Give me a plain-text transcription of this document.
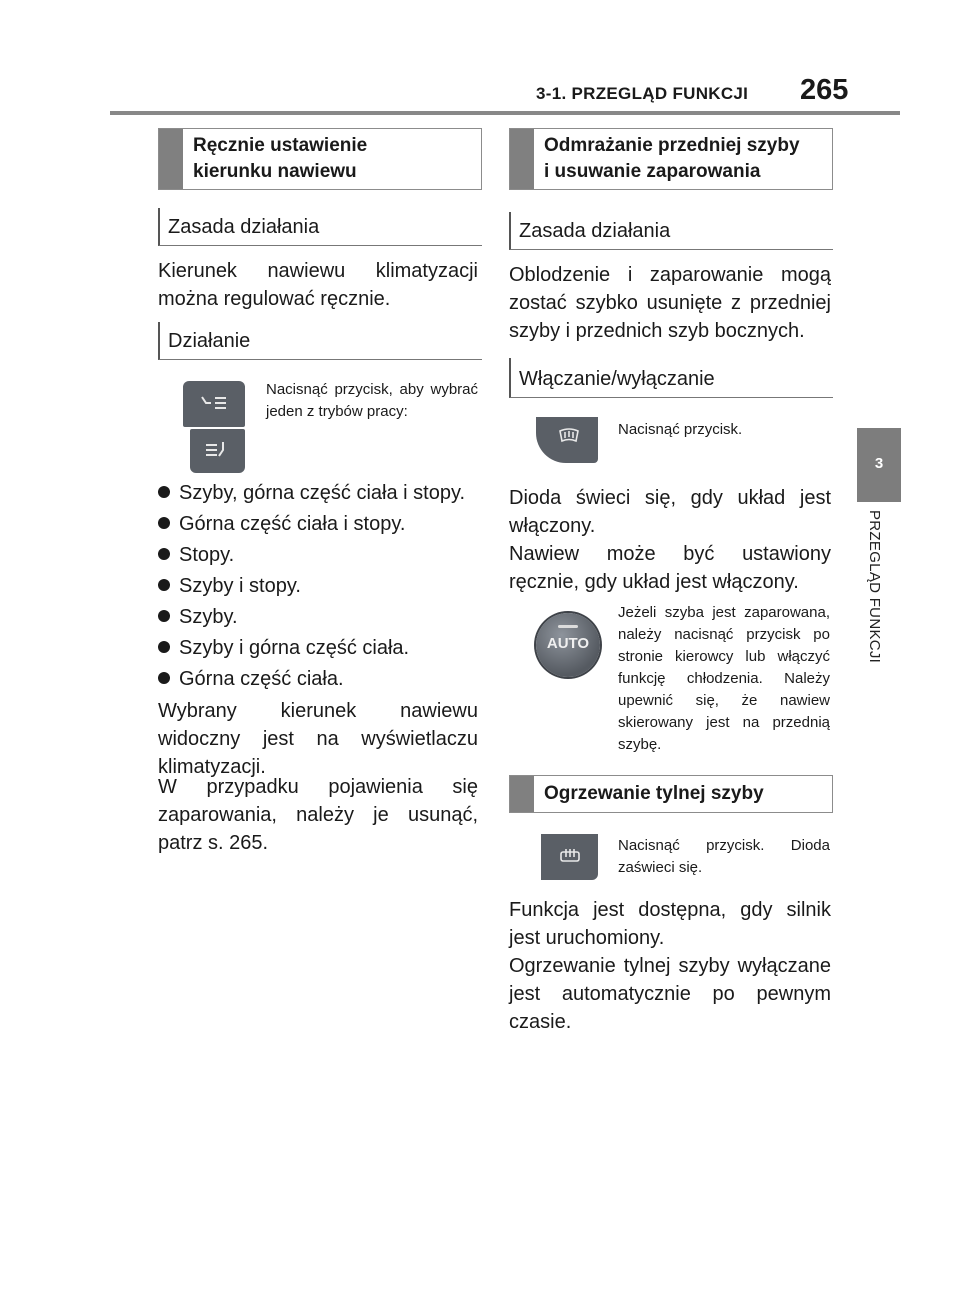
3-1. PRZEGLĄD FUNKCJI 265
3
PRZEGLĄD FUNKCJI
Ręcznie ustawienie
kierunku nawiewu
Zasada działania
Kierunek nawiewu klimatyzacji można regulować ręcznie.
Działanie
Nacisnąć przycisk, aby wybrać jeden z trybów pracy:
Szyby, górna część ciała i stopy.
Górna część ciała i stopy.
Stopy.
Szyby i stopy.
Szyby.
Szyby i górna część ciała.
Górna część ciała.
Wybrany kierunek nawiewu widoczny jest na wyświetlaczu klimatyzacji.
W przypadku pojawienia się zaparowania, należy je usunąć, patrz s. 265.
Odmrażanie przedniej szyby
i usuwanie zaparowania
Zasada działania
Oblodzenie i zaparowanie mogą zostać szybko usunięte z przedniej szyby i przednich szyb bocznych.
Włączanie/wyłączanie
Nacisnąć przycisk.
Dioda świeci się, gdy układ jest włączony.
Nawiew może być ustawiony ręcznie, gdy układ jest włączony.
AUTO
Jeżeli szyba jest zaparowana, należy nacisnąć przycisk po stronie kierowcy lub włączyć funkcję chłodzenia. Należy upewnić się, że nawiew skierowany jest na przednią szybę.
Ogrzewanie tylnej szyby
Nacisnąć przycisk. Dioda zaświeci się.
Funkcja jest dostępna, gdy silnik jest uruchomiony.
Ogrzewanie tylnej szyby wyłączane jest automatycznie po pewnym czasie.
